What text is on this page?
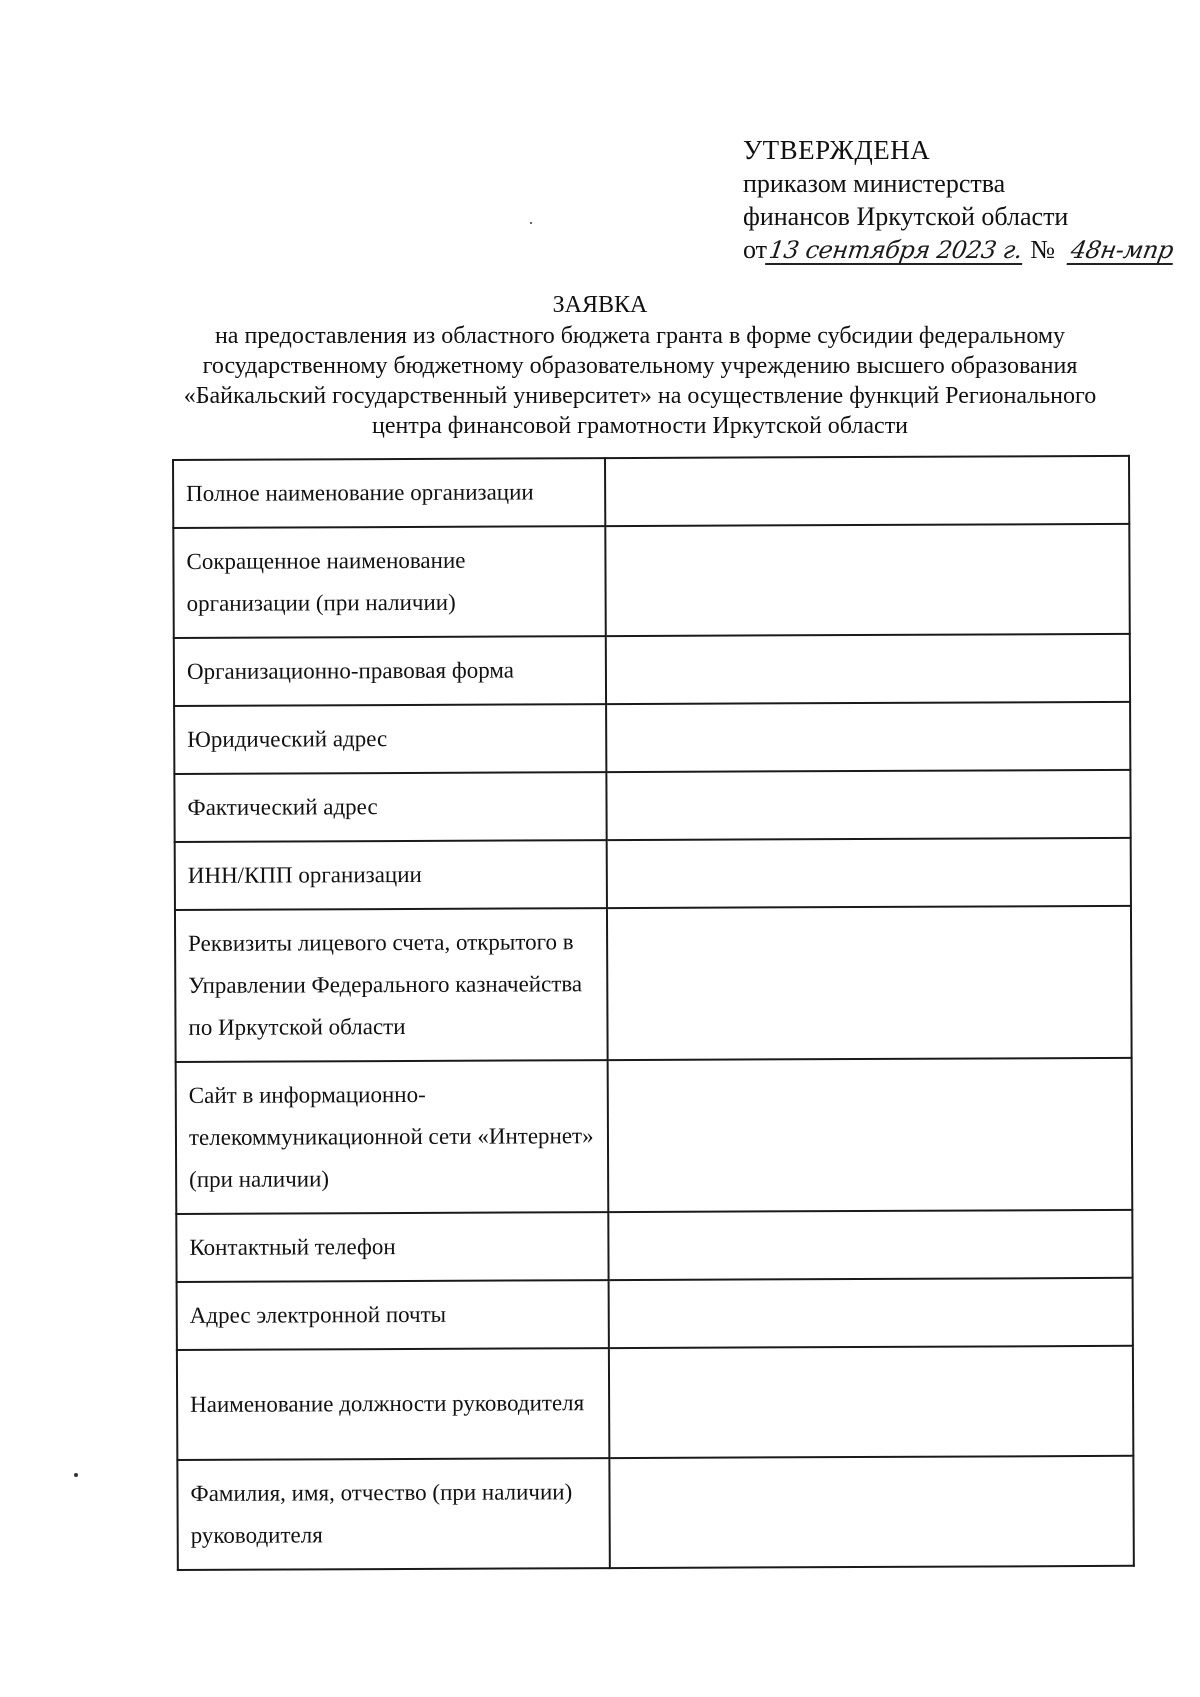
УТВЕРЖДЕНА
приказом министерства
финансов Иркутской области
от13 сентября 2023 г. № 48н-мпр
ЗАЯВКА
на предоставления из областного бюджета гранта в форме субсидии федеральному
государственному бюджетному образовательному учреждению высшего образования
«Байкальский государственный университет» на осуществление функций Регионального
центра финансовой грамотности Иркутской области
Полное наименование организации	
Сокращенное наименование организации (при наличии)	
Организационно-правовая форма	
Юридический адрес	
Фактический адрес	
ИНН/КПП организации	
Реквизиты лицевого счета, открытого в Управлении Федерального казначейства по Иркутской области	
Сайт в информационно-телекоммуникационной сети «Интернет» (при наличии)	
Контактный телефон	
Адрес электронной почты	
Наименование должности руководителя	
Фамилия, имя, отчество (при наличии) руководителя	
